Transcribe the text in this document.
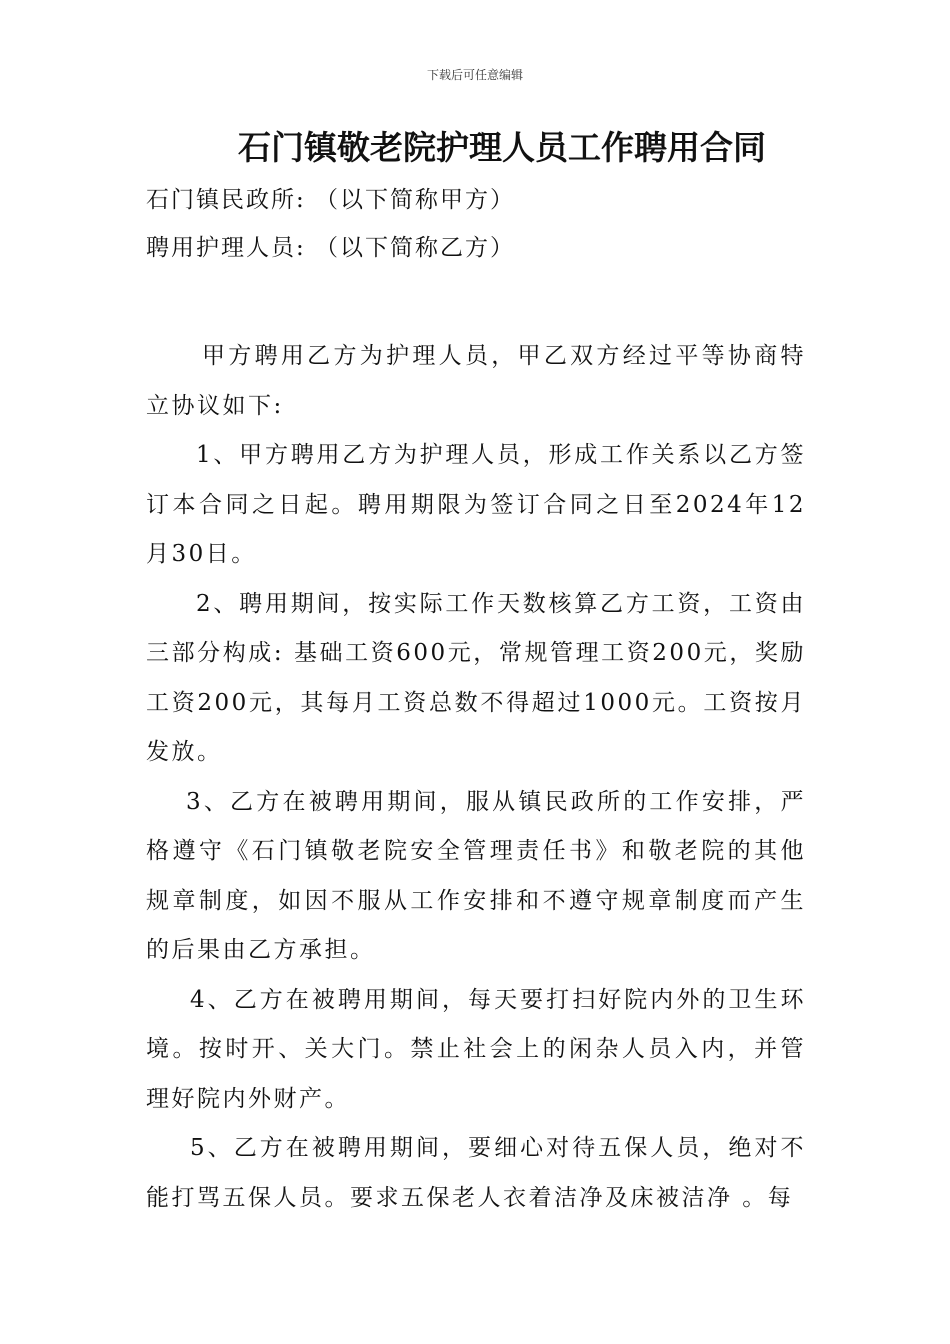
下载后可任意编辑
石门镇敬老院护理人员工作聘用合同

石门镇民政所: （以下简称甲方）

聘用护理人员: （以下简称乙方）

甲方聘用乙方为护理人员，甲乙双方经过平等协商特立协议如下:

1、甲方聘用乙方为护理人员，形成工作关系以乙方签订本合同之日起。聘用期限为签订合同之日至2024年12月30日。

2、聘用期间，按实际工作天数核算乙方工资，工资由三部分构成: 基础工资600元，常规管理工资200元，奖励工资200元，其每月工资总数不得超过1000元。工资按月发放。

3、乙方在被聘用期间，服从镇民政所的工作安排，严格遵守《石门镇敬老院安全管理责任书》和敬老院的其他规章制度，如因不服从工作安排和不遵守规章制度而产生的后果由乙方承担。

4、乙方在被聘用期间，每天要打扫好院内外的卫生环境。按时开、关大门。禁止社会上的闲杂人员入内，并管理好院内外财产。

5、乙方在被聘用期间，要细心对待五保人员，绝对不能打骂五保人员。要求五保老人衣着洁净及床被洁净 。每
